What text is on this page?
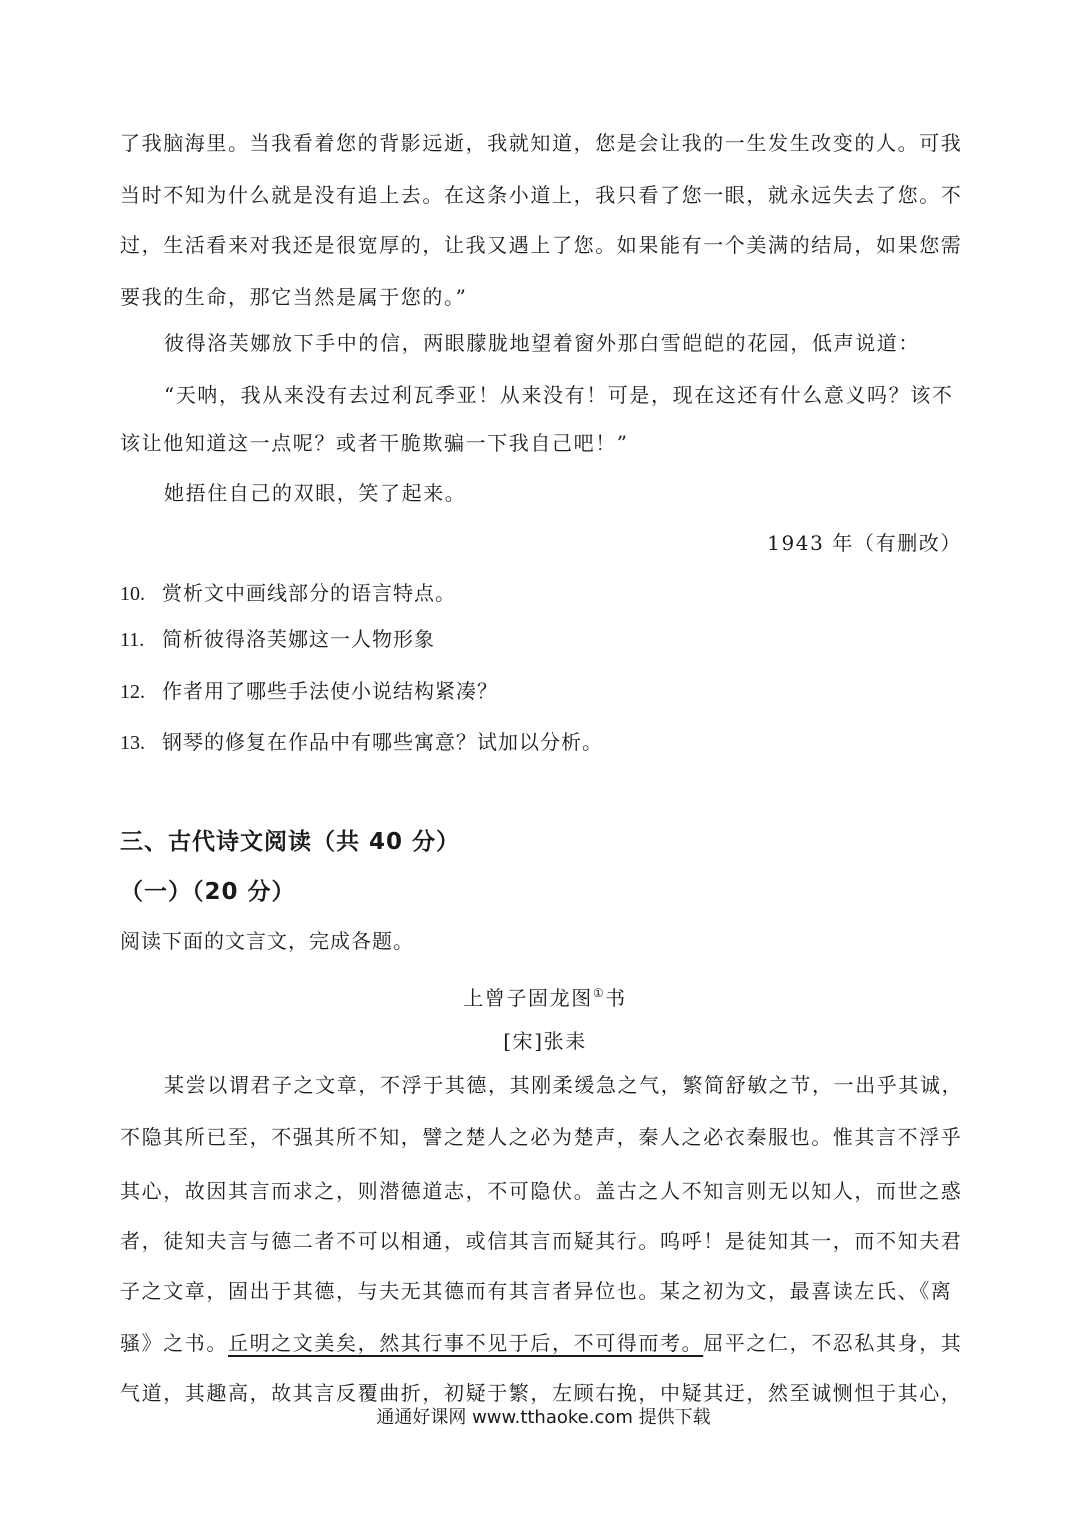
了我脑海里。当我看着您的背影远逝，我就知道，您是会让我的一生发生改变的人。可我
当时不知为什么就是没有追上去。在这条小道上，我只看了您一眼，就永远失去了您。不
过，生活看来对我还是很宽厚的，让我又遇上了您。如果能有一个美满的结局，如果您需
要我的生命，那它当然是属于您的。”
彼得洛芙娜放下手中的信，两眼朦胧地望着窗外那白雪皑皑的花园，低声说道：
“天呐，我从来没有去过利瓦季亚！从来没有！可是，现在这还有什么意义吗？该不
该让他知道这一点呢？或者干脆欺骗一下我自己吧！”
她捂住自己的双眼，笑了起来。
1943 年（有删改）
10. 赏析文中画线部分的语言特点。
11. 简析彼得洛芙娜这一人物形象
12. 作者用了哪些手法使小说结构紧凑？
13. 钢琴的修复在作品中有哪些寓意？试加以分析。
三、古代诗文阅读（共 40 分）
（一）（20 分）
阅读下面的文言文，完成各题。
上曾子固龙图①书
[宋]张耒
某尝以谓君子之文章，不浮于其德，其刚柔缓急之气，繁简舒敏之节，一出乎其诚，
不隐其所已至，不强其所不知，譬之楚人之必为楚声，秦人之必衣秦服也。惟其言不浮乎
其心，故因其言而求之，则潜德道志，不可隐伏。盖古之人不知言则无以知人，而世之惑
者，徒知夫言与德二者不可以相通，或信其言而疑其行。呜呼！是徒知其一，而不知夫君
子之文章，固出于其德，与夫无其德而有其言者异位也。某之初为文，最喜读左氏、《离
骚》之书。丘明之文美矣，然其行事不见于后，不可得而考。屈平之仁，不忍私其身，其
气道，其趣高，故其言反覆曲折，初疑于繁，左顾右挽，中疑其迂，然至诚恻怛于其心，
通通好课网 www.tthaoke.com 提供下载
